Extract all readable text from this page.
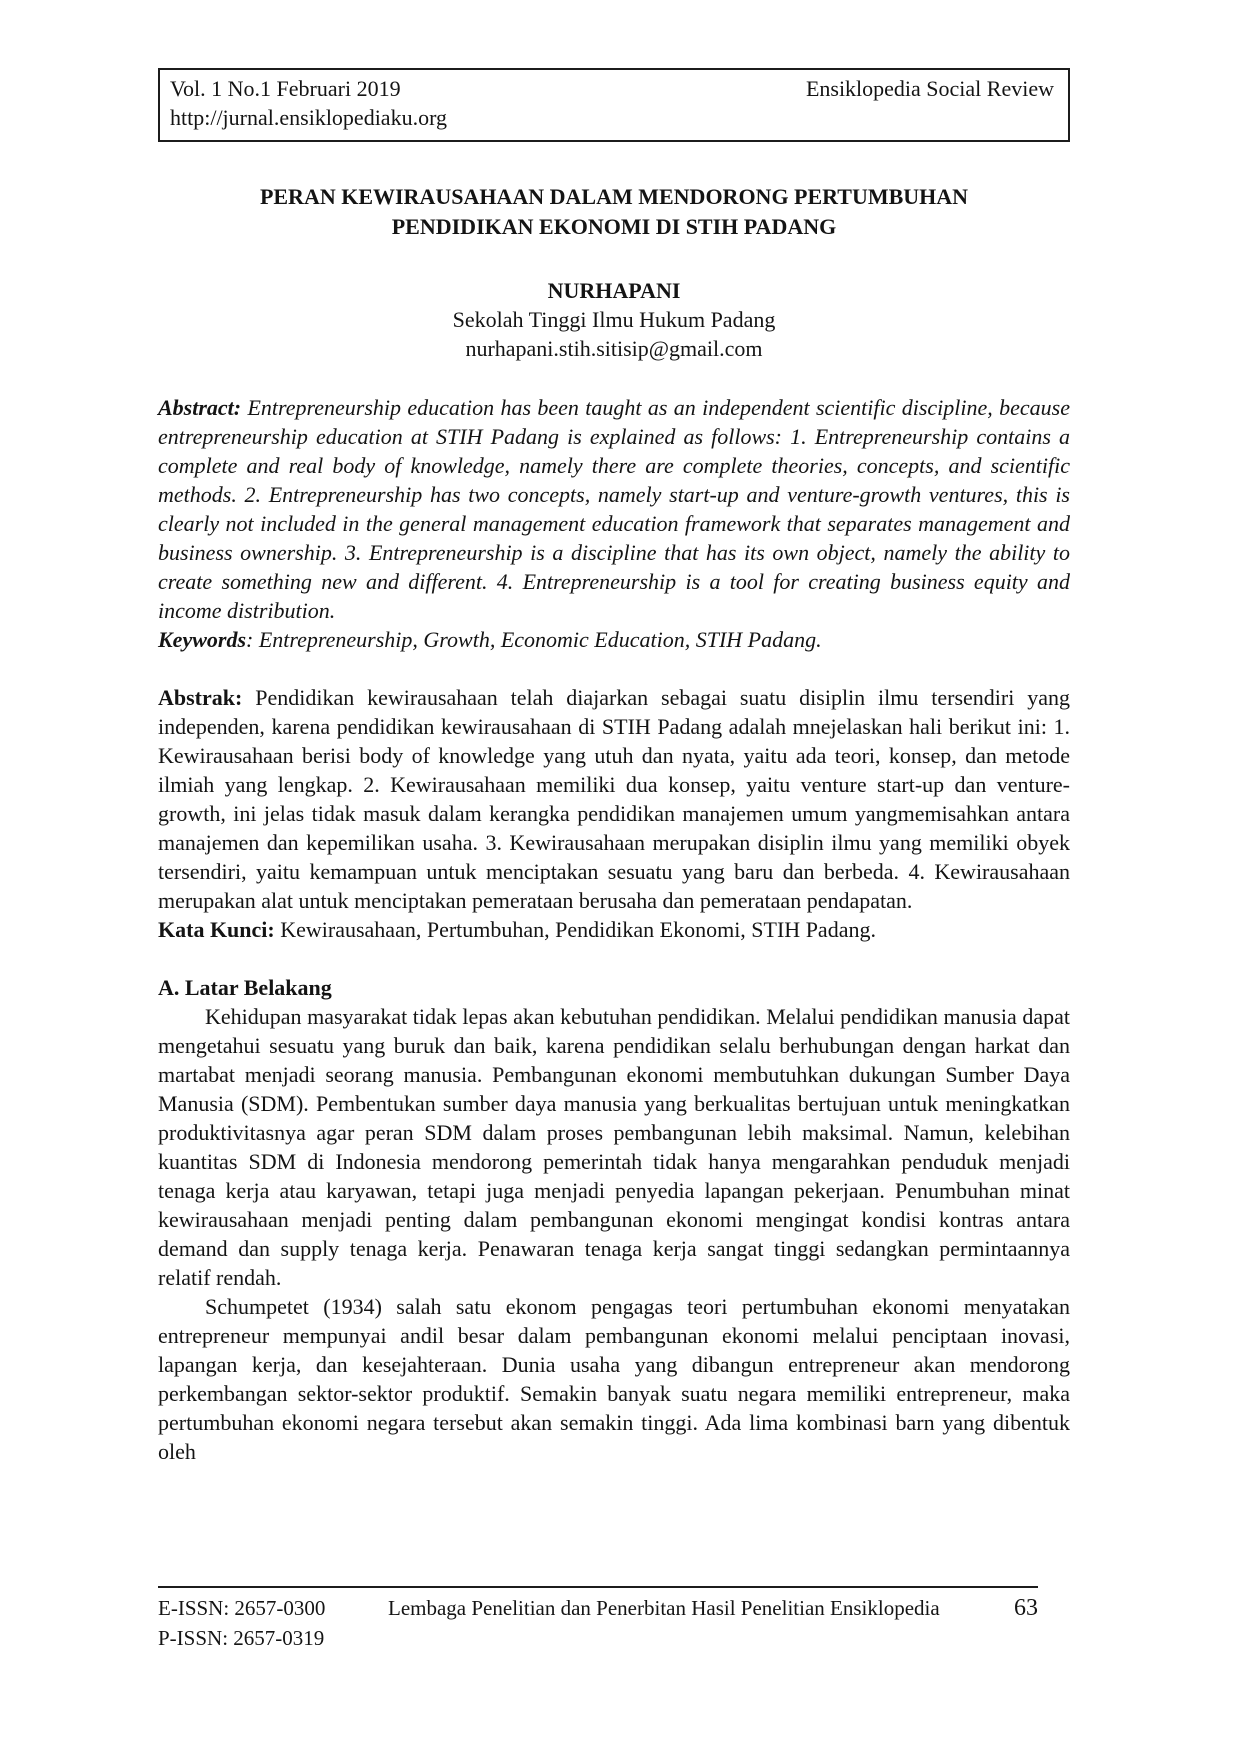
Vol. 1 No.1 Februari 2019
http://jurnal.ensiklopediaku.org
Ensiklopedia Social Review
PERAN KEWIRAUSAHAAN DALAM MENDORONG PERTUMBUHAN
PENDIDIKAN EKONOMI DI STIH PADANG
NURHAPANI
Sekolah Tinggi Ilmu Hukum Padang
nurhapani.stih.sitisip@gmail.com

Abstract: Entrepreneurship education has been taught as an independent scientific discipline, because entrepreneurship education at STIH Padang is explained as follows: 1. Entrepreneurship contains a complete and real body of knowledge, namely there are complete theories, concepts, and scientific methods. 2. Entrepreneurship has two concepts, namely start-up and venture-growth ventures, this is clearly not included in the general management education framework that separates management and business ownership. 3. Entrepreneurship is a discipline that has its own object, namely the ability to create something new and different. 4. Entrepreneurship is a tool for creating business equity and income distribution.

Keywords: Entrepreneurship, Growth, Economic Education, STIH Padang.

Abstrak: Pendidikan kewirausahaan telah diajarkan sebagai suatu disiplin ilmu tersendiri yang independen, karena pendidikan kewirausahaan di STIH Padang adalah mnejelaskan hali berikut ini: 1. Kewirausahaan berisi body of knowledge yang utuh dan nyata, yaitu ada teori, konsep, dan metode ilmiah yang lengkap. 2. Kewirausahaan memiliki dua konsep, yaitu venture start-up dan venture-growth, ini jelas tidak masuk dalam kerangka pendidikan manajemen umum yangmemisahkan antara manajemen dan kepemilikan usaha. 3. Kewirausahaan merupakan disiplin ilmu yang memiliki obyek tersendiri, yaitu kemampuan untuk menciptakan sesuatu yang baru dan berbeda. 4. Kewirausahaan merupakan alat untuk menciptakan pemerataan berusaha dan pemerataan pendapatan.

Kata Kunci: Kewirausahaan, Pertumbuhan, Pendidikan Ekonomi, STIH Padang.

A. Latar Belakang

Kehidupan masyarakat tidak lepas akan kebutuhan pendidikan. Melalui pendidikan manusia dapat mengetahui sesuatu yang buruk dan baik, karena pendidikan selalu berhubungan dengan harkat dan martabat menjadi seorang manusia. Pembangunan ekonomi membutuhkan dukungan Sumber Daya Manusia (SDM). Pembentukan sumber daya manusia yang berkualitas bertujuan untuk meningkatkan produktivitasnya agar peran SDM dalam proses pembangunan lebih maksimal. Namun, kelebihan kuantitas SDM di Indonesia mendorong pemerintah tidak hanya mengarahkan penduduk menjadi tenaga kerja atau karyawan, tetapi juga menjadi penyedia lapangan pekerjaan. Penumbuhan minat kewirausahaan menjadi penting dalam pembangunan ekonomi mengingat kondisi kontras antara demand dan supply tenaga kerja. Penawaran tenaga kerja sangat tinggi sedangkan permintaannya relatif rendah.

Schumpetet (1934) salah satu ekonom pengagas teori pertumbuhan ekonomi menyatakan entrepreneur mempunyai andil besar dalam pembangunan ekonomi melalui penciptaan inovasi, lapangan kerja, dan kesejahteraan. Dunia usaha yang dibangun entrepreneur akan mendorong perkembangan sektor-sektor produktif. Semakin banyak suatu negara memiliki entrepreneur, maka pertumbuhan ekonomi negara tersebut akan semakin tinggi. Ada lima kombinasi barn yang dibentuk oleh

E-ISSN: 2657-0300	Lembaga Penelitian dan Penerbitan Hasil Penelitian Ensiklopedia	63
P-ISSN: 2657-0319
